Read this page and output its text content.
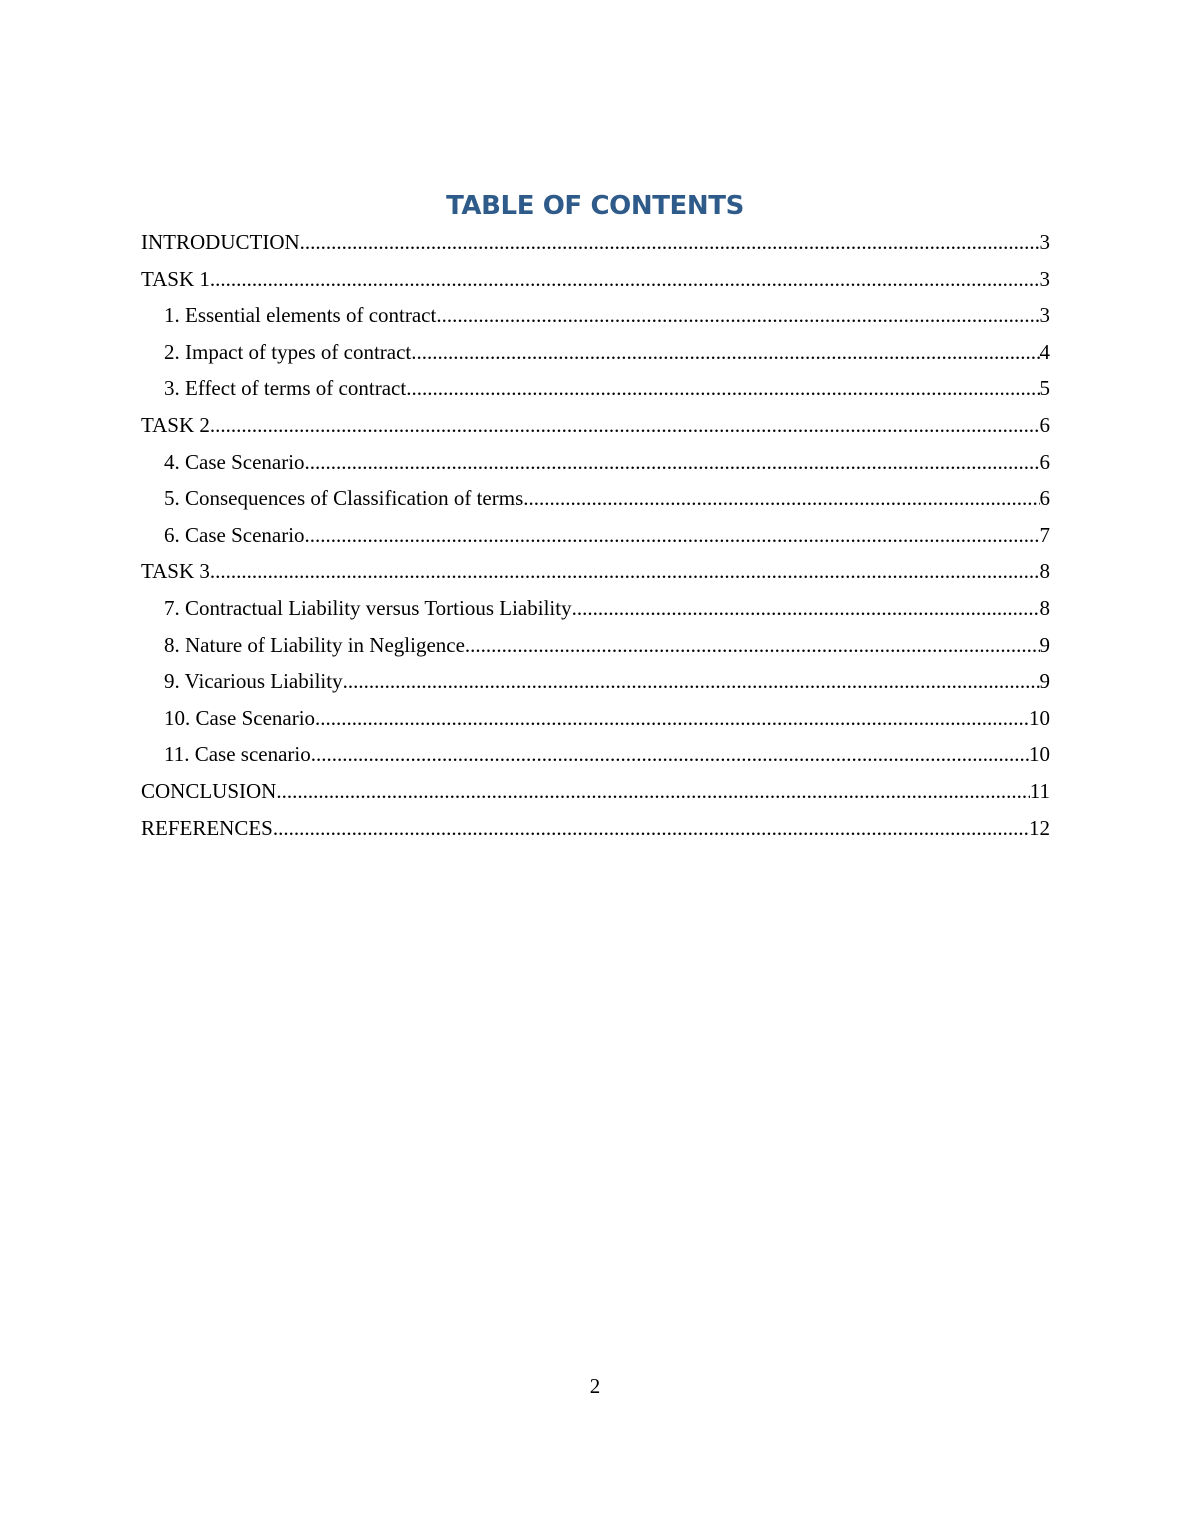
TABLE OF CONTENTS
INTRODUCTION .....	3
TASK 1 .....	3
1. Essential elements of contract .....	3
2. Impact of types of contract .....	4
3. Effect of terms of contract .....	5
TASK 2 .....	6
4. Case Scenario .....	6
5. Consequences of Classification of terms .....	6
6. Case Scenario .....	7
TASK 3 .....	8
7. Contractual Liability versus Tortious Liability .....	8
8. Nature of Liability in Negligence .....	9
9. Vicarious Liability .....	9
10. Case Scenario .....	10
11. Case scenario .....	10
CONCLUSION .....	11
REFERENCES .....	12
2
